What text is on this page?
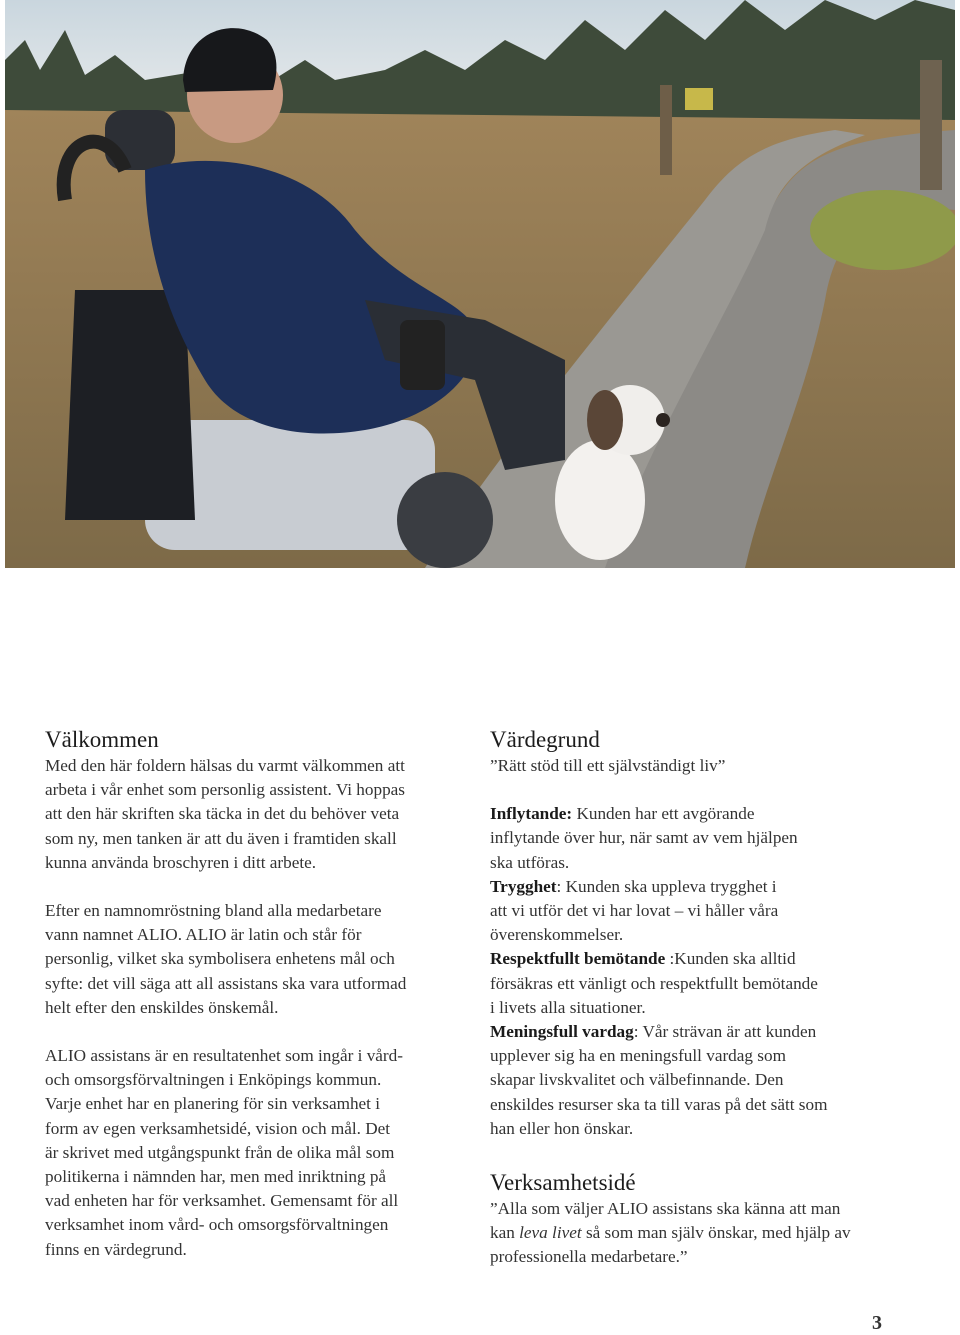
Välkommen

Med den här foldern hälsas du varmt välkommen att
arbeta i vår enhet som personlig assistent. Vi hoppas
att den här skriften ska täcka in det du behöver veta
som ny, men tanken är att du även i framtiden skall
kunna använda broschyren i ditt arbete.

Efter en namnomröstning bland alla medarbetare
vann namnet ALIO. ALIO är latin och står för
personlig, vilket ska symbolisera enhetens mål och
syfte: det vill säga att all assistans ska vara utformad
helt efter den enskildes önskemål.

ALIO assistans är en resultatenhet som ingår i vård-
och omsorgsförvaltningen i Enköpings kommun.
Varje enhet har en planering för sin verksamhet i
form av egen verksamhetsidé, vision och mål. Det
är skrivet med utgångspunkt från de olika mål som
politikerna i nämnden har, men med inriktning på
vad enheten har för verksamhet. Gemensamt för all
verksamhet inom vård- och omsorgsförvaltningen
finns en värdegrund.

Värdegrund

”Rätt stöd till ett självständigt liv”

Inflytande: Kunden har ett avgörande
inflytande över hur, när samt av vem hjälpen
ska utföras.

Trygghet: Kunden ska uppleva trygghet i
att vi utför det vi har lovat – vi håller våra
överenskommelser.

Respektfullt bemötande :Kunden ska alltid
försäkras ett vänligt och respektfullt bemötande
i livets alla situationer.

Meningsfull vardag: Vår strävan är att kunden
upplever sig ha en meningsfull vardag som
skapar livskvalitet och välbefinnande. Den
enskildes resurser ska ta till varas på det sätt som
han eller hon önskar.

Verksamhetsidé

”Alla som väljer ALIO assistans ska känna att man
kan leva livet så som man själv önskar, med hjälp av
professionella medarbetare.”

3
